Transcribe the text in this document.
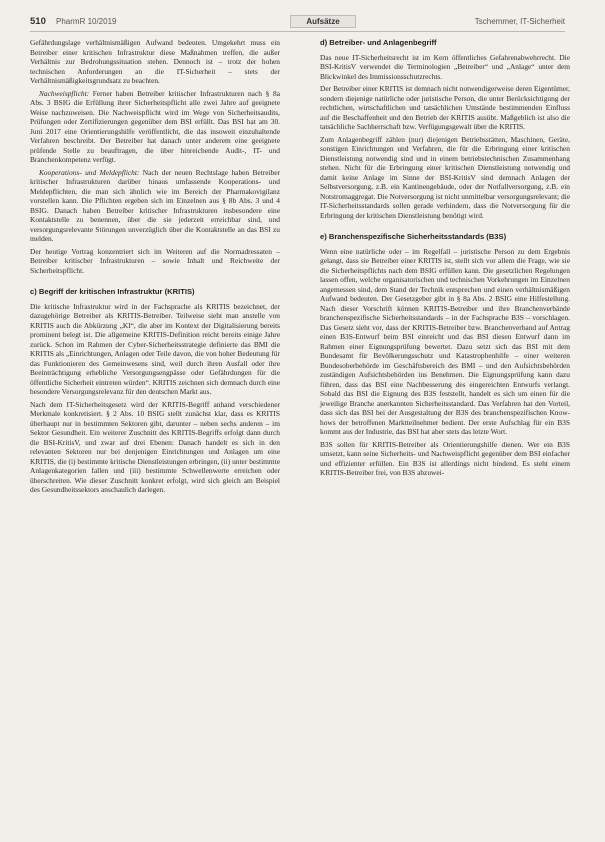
510 PharmR 10/2019	Aufsätze	Tschemmer, IT-Sicherheit

Gefährdungslage verhältnismäßigen Aufwand bedeuten. Umgekehrt muss ein Betreiber einer kritischen Infrastruktur diese Maßnahmen treffen, die außer Verhältnis zur Bedrohungssituation stehen. Dennoch ist – trotz der hohen technischen Anforderungen an die IT-Sicherheit – stets der Verhältnismäßigkeitsgrundsatz zu beachten.

Nachweispflicht: Ferner haben Betreiber kritischer Infrastrukturen nach § 8a Abs. 3 BSIG die Erfüllung ihrer Sicherheitspflicht alle zwei Jahre auf geeignete Weise nachzuweisen. Die Nachweispflicht wird im Wege von Sicherheitsaudits, Prüfungen oder Zertifizierungen gegenüber dem BSI erfüllt. Das BSI hat am 30. Juni 2017 eine Orientierungshilfe veröffentlicht, die das insoweit einzuhaltende Verfahren beschreibt. Der Betreiber hat danach unter anderem eine geeignete prüfende Stelle zu beauftragen, die über hinreichende Audit-, IT- und Branchenkompetenz verfügt.

Kooperations- und Meldepflicht: Nach der neuen Rechtslage haben Betreiber kritischer Infrastrukturen darüber hinaus umfassende Kooperations- und Meldepflichten, die man sich ähnlich wie im Bereich der Pharmakovigilanz vorstellen kann. Die Pflichten ergeben sich im Einzelnen aus § 8b Abs. 3 und 4 BSIG. Danach haben Betreiber kritischer Infrastrukturen insbesondere eine Kontaktstelle zu benennen, über die sie jederzeit erreichbar sind, und versorgungsrelevante Störungen unverzüglich über die Kontaktstelle an das BSI zu melden.

Der heutige Vortrag konzentriert sich im Weiteren auf die Normadressaten – Betreiber kritischer Infrastrukturen – sowie Inhalt und Reichweite der Sicherheitspflicht.

c) Begriff der kritischen Infrastruktur (KRITIS)

Die kritische Infrastruktur wird in der Fachsprache als KRITIS bezeichnet, der dazugehörige Betreiber als KRITIS-Betreiber. Teilweise sieht man anstelle von KRITIS auch die Abkürzung „KI“, die aber im Kontext der Digitalisierung bereits prominent belegt ist. Die allgemeine KRITIS-Definition reicht bereits einige Jahre zurück. Schon im Rahmen der Cyber-Sicherheitsstrategie definierte das BMI die KRITIS als „Einrichtungen, Anlagen oder Teile davon, die von hoher Bedeutung für das Funktionieren des Gemeinwesens sind, weil durch ihren Ausfall oder ihre Beeinträchtigung erhebliche Versorgungsengpässe oder Gefährdungen für die öffentliche Sicherheit eintreten würden“. KRITIS zeichnen sich demnach durch eine besondere Versorgungsrelevanz für den deutschen Markt aus.

Nach dem IT-Sicherheitsgesetz wird der KRITIS-Begriff anhand verschiedener Merkmale konkretisiert. § 2 Abs. 10 BSIG stellt zunächst klar, dass es KRITIS überhaupt nur in bestimmten Sektoren gibt, darunter – neben sechs anderen – im Sektor Gesundheit. Ein weiterer Zuschnitt des KRITIS-Begriffs erfolgt dann durch die BSI-KritisV, und zwar auf drei Ebenen: Danach handelt es sich in den relevanten Sektoren nur bei denjenigen Einrichtungen und Anlagen um eine KRITIS, die (i) bestimmte kritische Dienstleistungen erbringen, (ii) unter bestimmte Anlagenkategorien fallen und (iii) bestimmte Schwellenwerte erreichen oder überschreiten. Wie dieser Zuschnitt konkret erfolgt, wird sich gleich am Beispiel des Gesundheitssektors anschaulich darlegen.

d) Betreiber- und Anlagenbegriff

Das neue IT-Sicherheitsrecht ist im Kern öffentliches Gefahrenabwehrrecht. Die BSI-KritisV verwendet die Terminologien „Betreiber“ und „Anlage“ unter dem Blickwinkel des Immissionsschutzrechts.

Der Betreiber einer KRITIS ist demnach nicht notwendigerweise deren Eigentümer, sondern diejenige natürliche oder juristische Person, die unter Berücksichtigung der rechtlichen, wirtschaftlichen und tatsächlichen Umstände bestimmenden Einfluss auf die Beschaffenheit und den Betrieb der KRITIS ausübt. Maßgeblich ist also die tatsächliche Sachherrschaft bzw. Verfügungsgewalt über die KRITIS.

Zum Anlagenbegriff zählen (nur) diejenigen Betriebsstätten, Maschinen, Geräte, sonstigen Einrichtungen und Verfahren, die für die Erbringung einer kritischen Dienstleistung notwendig sind und in einem betriebstechnischen Zusammenhang stehen. Nicht für die Erbringung einer kritischen Dienstleistung notwendig und damit keine Anlage im Sinne der BSI-KritisV sind demnach Anlagen der Selbstversorgung, z.B. ein Kantinengebäude, oder der Notfallversorgung, z.B. ein Notstromaggregat. Die Notversorgung ist nicht unmittelbar versorgungsrelevant; die IT-Sicherheitsstandards sollen gerade verhindern, dass die Notversorgung für die Erbringung der kritischen Dienstleistung benötigt wird.

e) Branchenspezifische Sicherheitsstandards (B3S)

Wenn eine natürliche oder – im Regelfall – juristische Person zu dem Ergebnis gelangt, dass sie Betreiber einer KRITIS ist, stellt sich vor allem die Frage, wie sie die Sicherheitspflichts nach dem BSIG erfüllen kann. Die gesetzlichen Regelungen lassen offen, welche organisatorischen und technischen Vorkehrungen im Einzelnen angemessen sind, dem Stand der Technik entsprechen und einen verhältnismäßigen Aufwand bedeuten. Der Gesetzgeber gibt in § 8a Abs. 2 BSIG eine Hilfestellung. Nach dieser Vorschrift können KRITIS-Betreiber und ihre Branchenverbände branchenspezifische Sicherheitsstandards – in der Fachsprache B3S – vorschlagen. Das Gesetz sieht vor, dass der KRITIS-Betreiber bzw. Branchenverband auf Antrag einen B3S-Entwurf beim BSI einreicht und das BSI diesen Entwurf dann im Rahmen einer Eignungsprüfung bewertet. Dazu setzt sich das BSI mit dem Bundesamt für Bevölkerungsschutz und Katastrophenhilfe – einer weiteren Bundesoberbehörde im Geschäftsbereich des BMI – und den Aufsichtsbehörden zuständigen Aufsichtsbehörden ins Benehmen. Die Eignungsprüfung kann dazu führen, dass das BSI eine Nachbesserung des eingereichten Entwurfs verlangt. Sobald das BSI die Eignung des B3S feststellt, handelt es sich um einen für die jeweilige Branche anerkannten Sicherheitsstandard. Das Verfahren hat den Vorteil, dass sich das BSI bei der Ausgestaltung der B3S des branchenspezifischen Know-hows der betroffenen Marktteilnehmer bedient. Der erste Aufschlag für ein B3S kommt aus der Industrie, das BSI hat aber stets das letzte Wort.

B3S sollen für KRITIS-Betreiber als Orientierungshilfe dienen. Wer ein B3S umsetzt, kann seine Sicherheits- und Nachweispflicht gegenüber dem BSI einfacher und effizienter erfüllen. Ein B3S ist allerdings nicht bindend. Es steht einem KRITIS-Betreiber frei, von B3S abzuwei-
